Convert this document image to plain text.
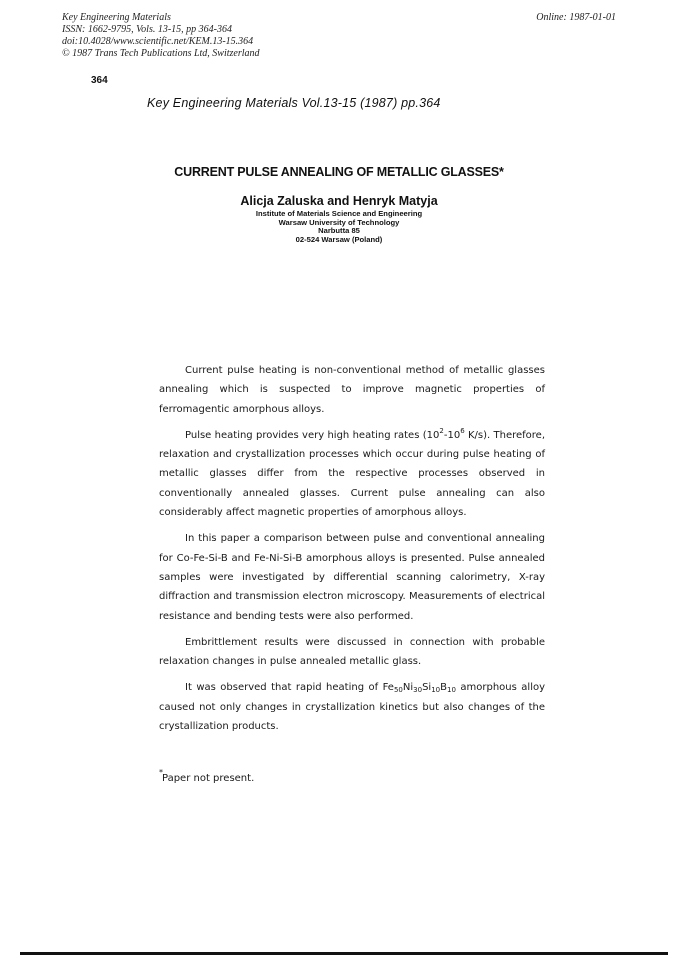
Key Engineering Materials
ISSN: 1662-9795, Vols. 13-15, pp 364-364
doi:10.4028/www.scientific.net/KEM.13-15.364
© 1987 Trans Tech Publications Ltd, Switzerland
Online: 1987-01-01
364
Key Engineering Materials Vol.13-15 (1987) pp.364
CURRENT PULSE ANNEALING OF METALLIC GLASSES*
Alicja Zaluska and Henryk Matyja
Institute of Materials Science and Engineering
Warsaw University of Technology
Narbutta 85
02-524 Warsaw (Poland)

Current pulse heating is non-conventional method of metallic glasses annealing which is suspected to improve magnetic properties of ferromagentic amorphous alloys.

Pulse heating provides very high heating rates ($10^2-10^6$ K/s). Therefore, relaxation and crystallization processes which occur during pulse heating of metallic glasses differ from the respective processes observed in conventionally annealed glasses. Current pulse annealing can also considerably affect magnetic properties of amorphous alloys.

In this paper a comparison between pulse and conventional annealing for Co-Fe-Si-B and Fe-Ni-Si-B amorphous alloys is presented. Pulse annealed samples were investigated by differential scanning calorimetry, X-ray diffraction and transmission electron microscopy. Measurements of electrical resistance and bending tests were also performed.

Embrittlement results were discussed in connection with probable relaxation changes in pulse annealed metallic glass.

It was observed that rapid heating of $Fe_{50}Ni_{30}Si_{10}B_{10}$ amorphous alloy caused not only changes in crystallization kinetics but also changes of the crystallization products.

*
Paper not present.
